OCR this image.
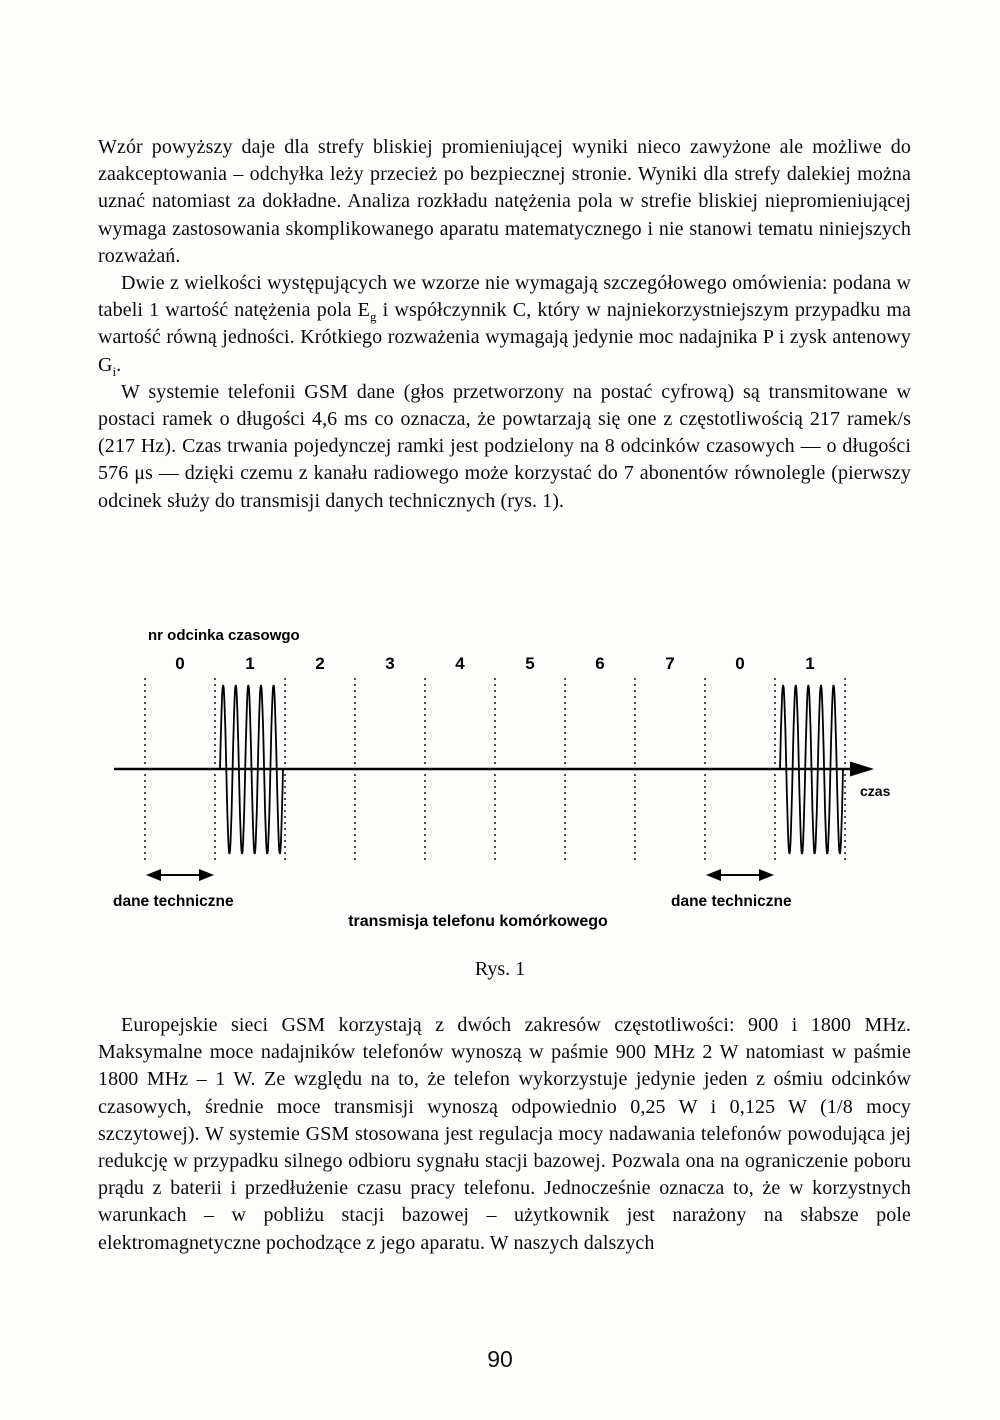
Wzór powyższy daje dla strefy bliskiej promieniującej wyniki nieco zawyżone ale możliwe do zaakceptowania – odchyłka leży przecież po bezpiecznej stronie. Wyniki dla strefy dalekiej można uznać natomiast za dokładne. Analiza rozkładu natężenia pola w strefie bliskiej niepromieniującej wymaga zastosowania skomplikowanego aparatu matematycznego i nie stanowi tematu niniejszych rozważań.

Dwie z wielkości występujących we wzorze nie wymagają szczegółowego omówienia: podana w tabeli 1 wartość natężenia pola $E_g$ i współczynnik C, który w najniekorzystniejszym przypadku ma wartość równą jedności. Krótkiego rozważenia wymagają jedynie moc nadajnika P i zysk antenowy $G_i$.

W systemie telefonii GSM dane (głos przetworzony na postać cyfrową) są transmitowane w postaci ramek o długości 4,6 ms co oznacza, że powtarzają się one z częstotliwością 217 ramek/s (217 Hz). Czas trwania pojedynczej ramki jest podzielony na 8 odcinków czasowych — o długości 576 μs — dzięki czemu z kanału radiowego może korzystać do 7 abonentów równolegle (pierwszy odcinek służy do transmisji danych technicznych (rys. 1).

nr odcinka czasowgo
0	1	2	3	4	5	6	7	0	1
czas
dane techniczne	dane techniczne
transmisja telefonu komórkowego
Rys. 1

Europejskie sieci GSM korzystają z dwóch zakresów częstotliwości: 900 i 1800 MHz. Maksymalne moce nadajników telefonów wynoszą w paśmie 900 MHz 2 W natomiast w paśmie 1800 MHz – 1 W. Ze względu na to, że telefon wykorzystuje jedynie jeden z ośmiu odcinków czasowych, średnie moce transmisji wynoszą odpowiednio 0,25 W i 0,125 W (1/8 mocy szczytowej). W systemie GSM stosowana jest regulacja mocy nadawania telefonów powodująca jej redukcję w przypadku silnego odbioru sygnału stacji bazowej. Pozwala ona na ograniczenie poboru prądu z baterii i przedłużenie czasu pracy telefonu. Jednocześnie oznacza to, że w korzystnych warunkach – w pobliżu stacji bazowej – użytkownik jest narażony na słabsze pole elektromagnetyczne pochodzące z jego aparatu. W naszych dalszych

90
